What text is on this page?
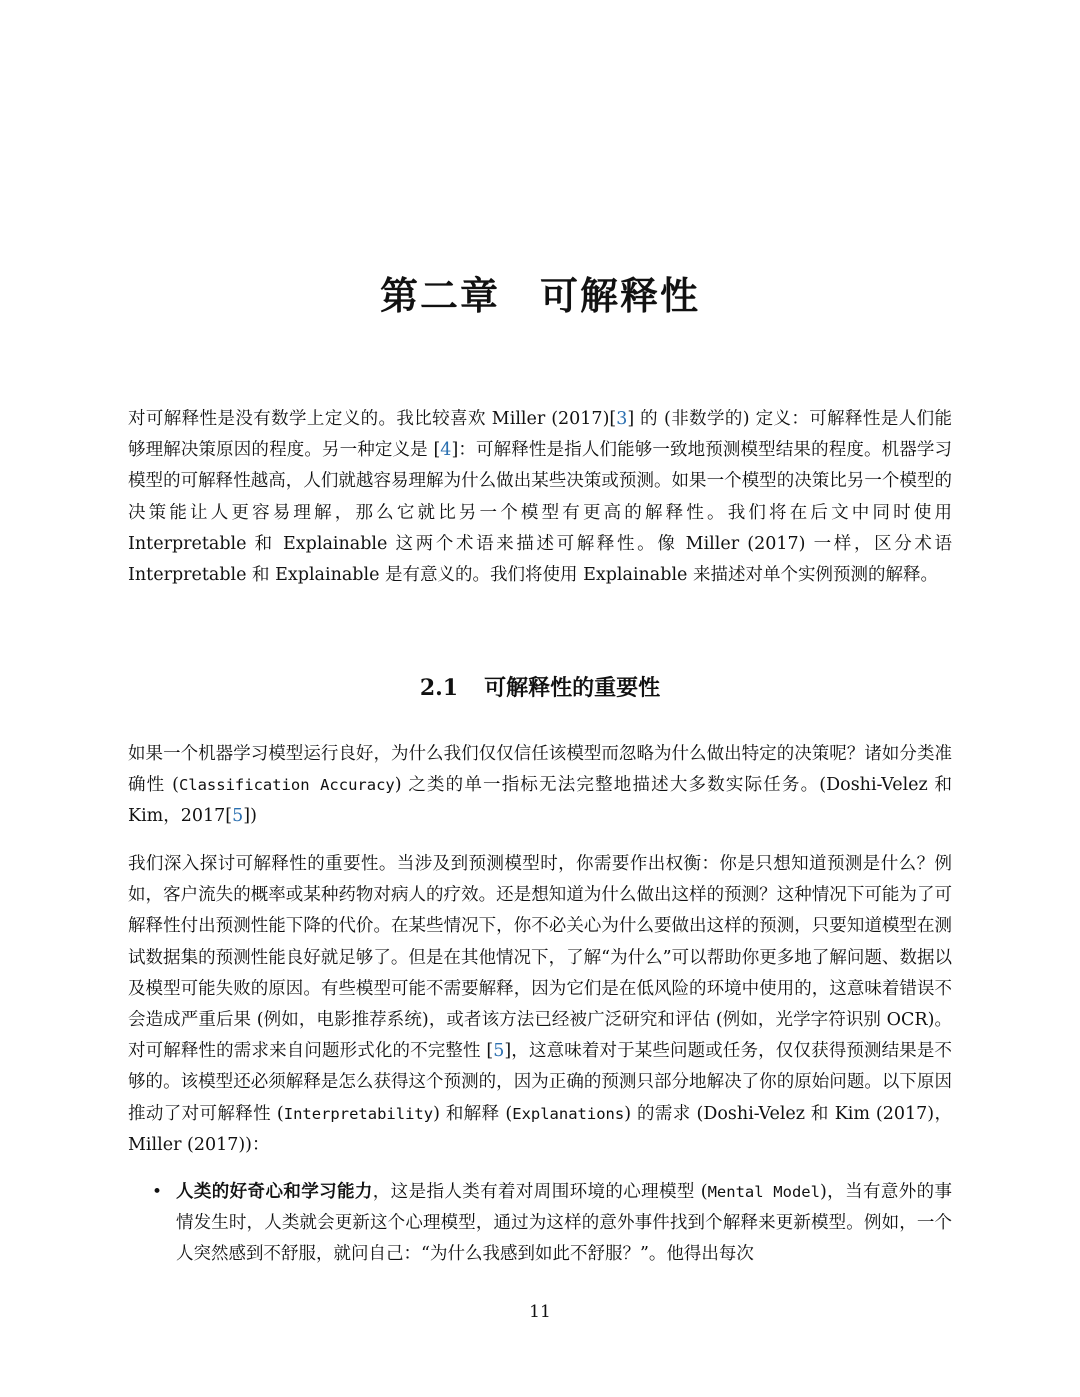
第二章 可解释性

对可解释性是没有数学上定义的。我比较喜欢 Miller (2017)[3] 的 (非数学的) 定义：可解释性是人们能够理解决策原因的程度。另一种定义是 [4]：可解释性是指人们能够一致地预测模型结果的程度。机器学习模型的可解释性越高，人们就越容易理解为什么做出某些决策或预测。如果一个模型的决策比另一个模型的决策能让人更容易理解，那么它就比另一个模型有更高的解释性。我们将在后文中同时使用 Interpretable 和 Explainable 这两个术语来描述可解释性。像 Miller (2017) 一样，区分术语 Interpretable 和 Explainable 是有意义的。我们将使用 Explainable 来描述对单个实例预测的解释。

2.1 可解释性的重要性

如果一个机器学习模型运行良好，为什么我们仅仅信任该模型而忽略为什么做出特定的决策呢？诸如分类准确性 (Classification Accuracy) 之类的单一指标无法完整地描述大多数实际任务。(Doshi-Velez 和 Kim，2017[5])

我们深入探讨可解释性的重要性。当涉及到预测模型时，你需要作出权衡：你是只想知道预测是什么？例如，客户流失的概率或某种药物对病人的疗效。还是想知道为什么做出这样的预测？这种情况下可能为了可解释性付出预测性能下降的代价。在某些情况下，你不必关心为什么要做出这样的预测，只要知道模型在测试数据集的预测性能良好就足够了。但是在其他情况下，了解“为什么”可以帮助你更多地了解问题、数据以及模型可能失败的原因。有些模型可能不需要解释，因为它们是在低风险的环境中使用的，这意味着错误不会造成严重后果 (例如，电影推荐系统)，或者该方法已经被广泛研究和评估 (例如，光学字符识别 OCR)。对可解释性的需求来自问题形式化的不完整性 [5]，这意味着对于某些问题或任务，仅仅获得预测结果是不够的。该模型还必须解释是怎么获得这个预测的，因为正确的预测只部分地解决了你的原始问题。以下原因推动了对可解释性 (Interpretability) 和解释 (Explanations) 的需求 (Doshi-Velez 和 Kim (2017)，Miller (2017))：

• 人类的好奇心和学习能力，这是指人类有着对周围环境的心理模型 (Mental Model)，当有意外的事情发生时，人类就会更新这个心理模型，通过为这样的意外事件找到个解释来更新模型。例如，一个人突然感到不舒服，就问自己：“为什么我感到如此不舒服？”。他得出每次
11
